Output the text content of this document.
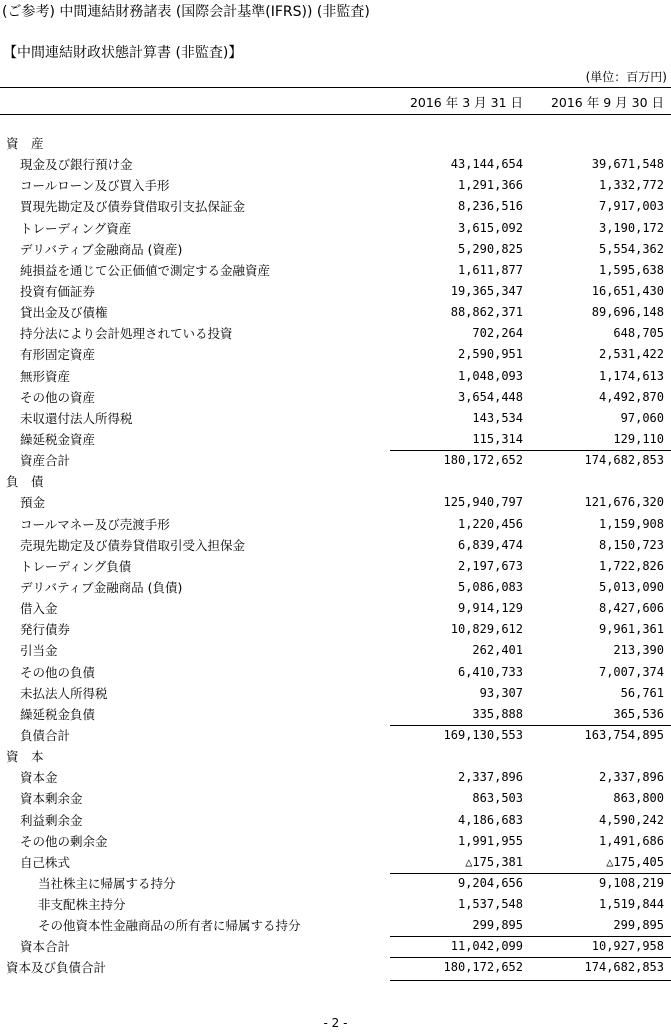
(ご参考) 中間連結財務諸表 (国際会計基準(IFRS)) (非監査)
【中間連結財政状態計算書 (非監査)】
(単位：百万円)
2016 年 3 月 31 日 2016 年 9 月 30 日
資　産
現金及び銀行預け金	43,144,654	39,671,548
コールローン及び買入手形	1,291,366	1,332,772
買現先勘定及び債券貸借取引支払保証金	8,236,516	7,917,003
トレーディング資産	3,615,092	3,190,172
デリバティブ金融商品 (資産)	5,290,825	5,554,362
純損益を通じて公正価値で測定する金融資産	1,611,877	1,595,638
投資有価証券	19,365,347	16,651,430
貸出金及び債権	88,862,371	89,696,148
持分法により会計処理されている投資	702,264	648,705
有形固定資産	2,590,951	2,531,422
無形資産	1,048,093	1,174,613
その他の資産	3,654,448	4,492,870
未収還付法人所得税	143,534	97,060
繰延税金資産	115,314	129,110
資産合計	180,172,652	174,682,853
負　債
預金	125,940,797	121,676,320
コールマネー及び売渡手形	1,220,456	1,159,908
売現先勘定及び債券貸借取引受入担保金	6,839,474	8,150,723
トレーディング負債	2,197,673	1,722,826
デリバティブ金融商品 (負債)	5,086,083	5,013,090
借入金	9,914,129	8,427,606
発行債券	10,829,612	9,961,361
引当金	262,401	213,390
その他の負債	6,410,733	7,007,374
未払法人所得税	93,307	56,761
繰延税金負債	335,888	365,536
負債合計	169,130,553	163,754,895
資　本
資本金	2,337,896	2,337,896
資本剰余金	863,503	863,800
利益剰余金	4,186,683	4,590,242
その他の剰余金	1,991,955	1,491,686
自己株式	△175,381	△175,405
当社株主に帰属する持分	9,204,656	9,108,219
非支配株主持分	1,537,548	1,519,844
その他資本性金融商品の所有者に帰属する持分	299,895	299,895
資本合計	11,042,099	10,927,958
資本及び負債合計	180,172,652	174,682,853
- 2 -
